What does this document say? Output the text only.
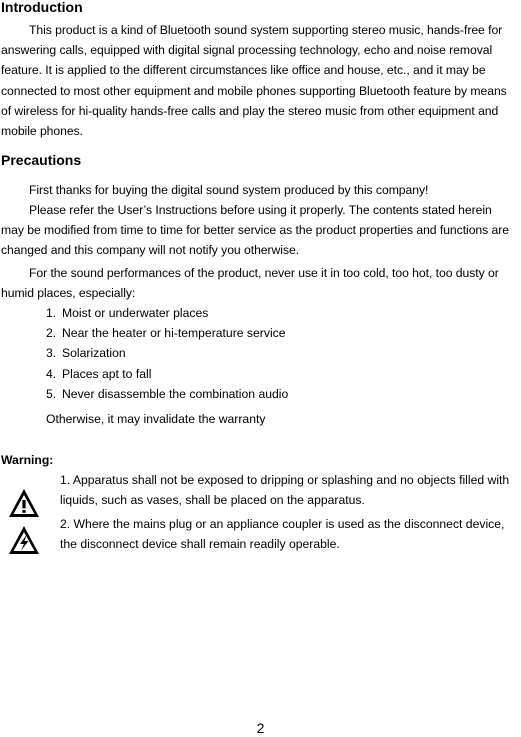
Introduction

This product is a kind of Bluetooth sound system supporting stereo music, hands-free for answering calls, equipped with digital signal processing technology, echo and noise removal feature. It is applied to the different circumstances like office and house, etc., and it may be connected to most other equipment and mobile phones supporting Bluetooth feature by means of wireless for hi-quality hands-free calls and play the stereo music from other equipment and mobile phones.

Precautions

First thanks for buying the digital sound system produced by this company!

Please refer the User’s Instructions before using it properly. The contents stated herein may be modified from time to time for better service as the product properties and functions are changed and this company will not notify you otherwise.

For the sound performances of the product, never use it in too cold, too hot, too dusty or humid places, especially:

1. Moist or underwater places
2. Near the heater or hi-temperature service
3. Solarization
4. Places apt to fall
5. Never disassemble the combination audio
Otherwise, it may invalidate the warranty
Warning:

1. Apparatus shall not be exposed to dripping or splashing and no objects filled with liquids, such as vases, shall be placed on the apparatus.

2. Where the mains plug or an appliance coupler is used as the disconnect device, the disconnect device shall remain readily operable.

2
